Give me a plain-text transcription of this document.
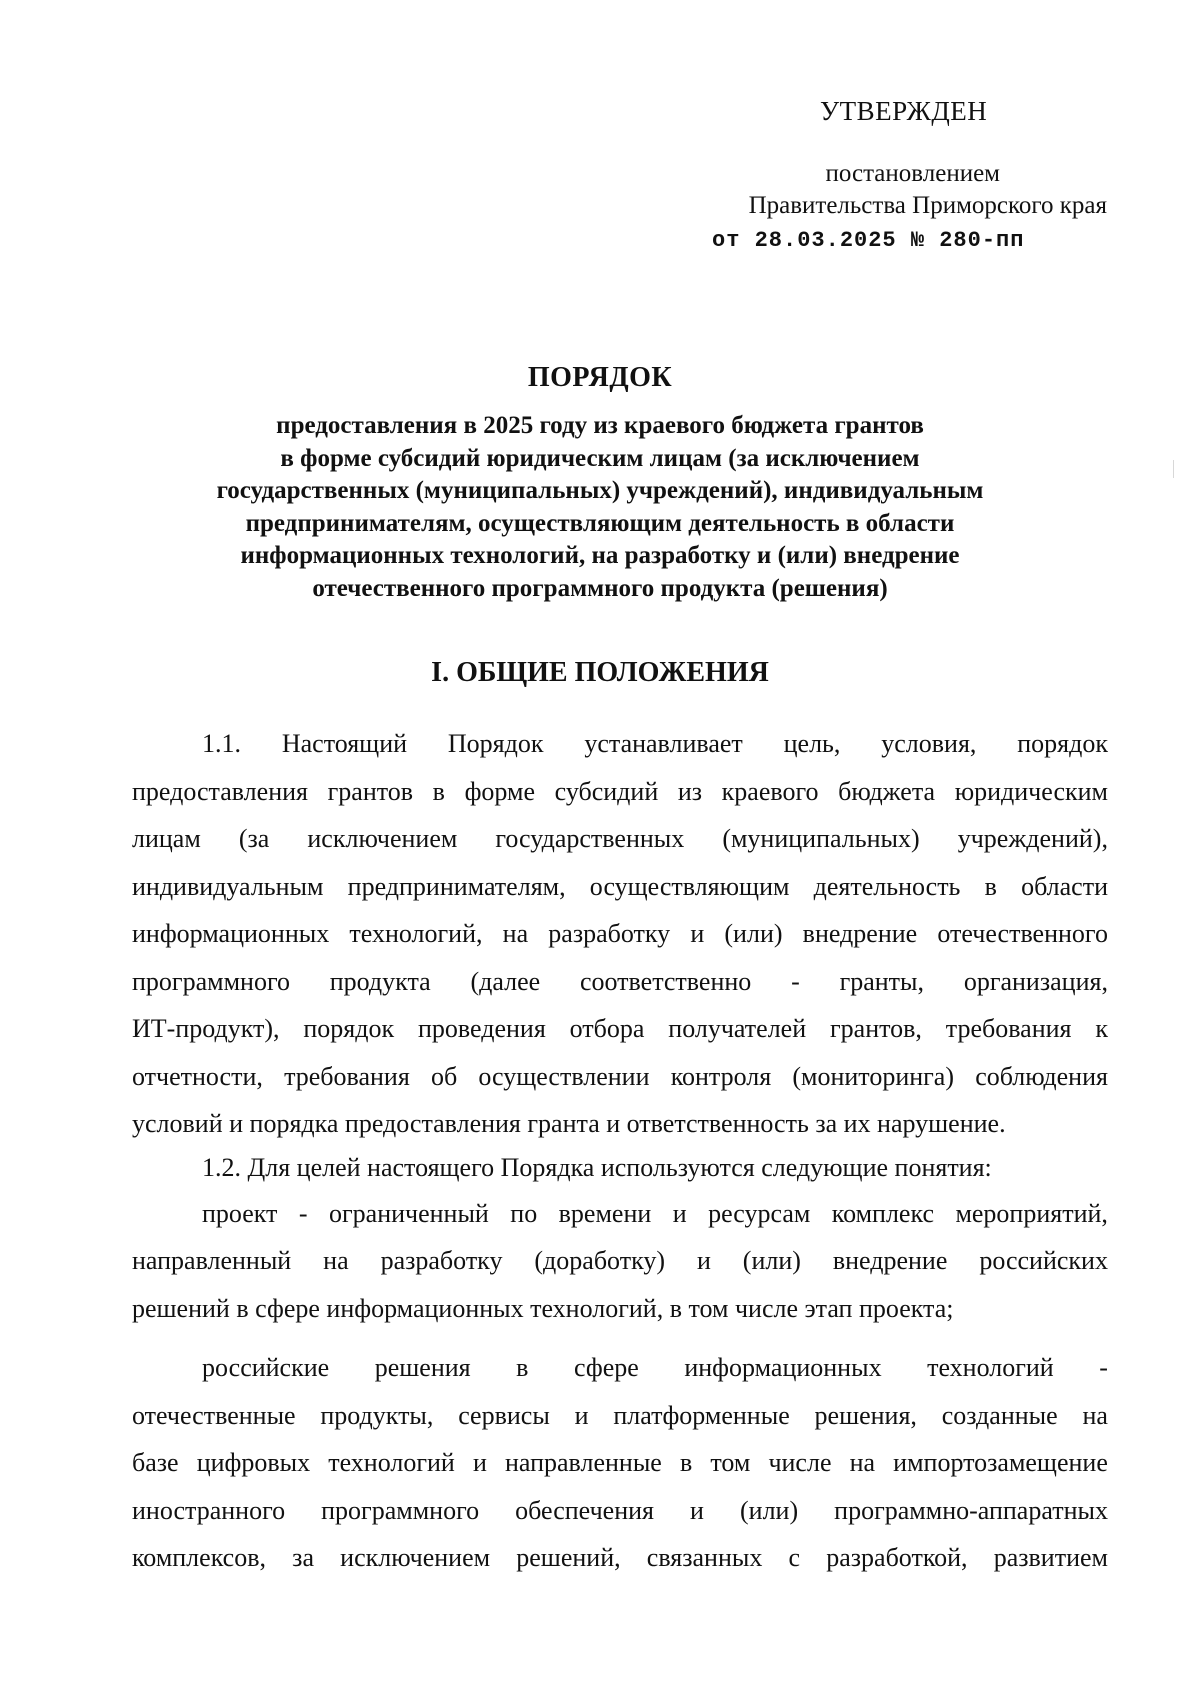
УТВЕРЖДЕН
постановлением
Правительства Приморского края
от 28.03.2025 № 280-пп
ПОРЯДОК
предоставления в 2025 году из краевого бюджета грантов
в форме субсидий юридическим лицам (за исключением
государственных (муниципальных) учреждений), индивидуальным
предпринимателям, осуществляющим деятельность в области
информационных технологий, на разработку и (или) внедрение
отечественного программного продукта (решения)
I. ОБЩИЕ ПОЛОЖЕНИЯ
1.1. Настоящий Порядок устанавливает цель, условия, порядок
предоставления грантов в форме субсидий из краевого бюджета юридическим
лицам (за исключением государственных (муниципальных) учреждений),
индивидуальным предпринимателям, осуществляющим деятельность в области
информационных технологий, на разработку и (или) внедрение отечественного
программного продукта (далее соответственно - гранты, организация,
ИТ-продукт), порядок проведения отбора получателей грантов, требования к
отчетности, требования об осуществлении контроля (мониторинга) соблюдения
условий и порядка предоставления гранта и ответственность за их нарушение.
1.2. Для целей настоящего Порядка используются следующие понятия:
проект - ограниченный по времени и ресурсам комплекс мероприятий,
направленный на разработку (доработку) и (или) внедрение российских
решений в сфере информационных технологий, в том числе этап проекта;
российские решения в сфере информационных технологий -
отечественные продукты, сервисы и платформенные решения, созданные на
базе цифровых технологий и направленные в том числе на импортозамещение
иностранного программного обеспечения и (или) программно-аппаратных
комплексов, за исключением решений, связанных с разработкой, развитием
